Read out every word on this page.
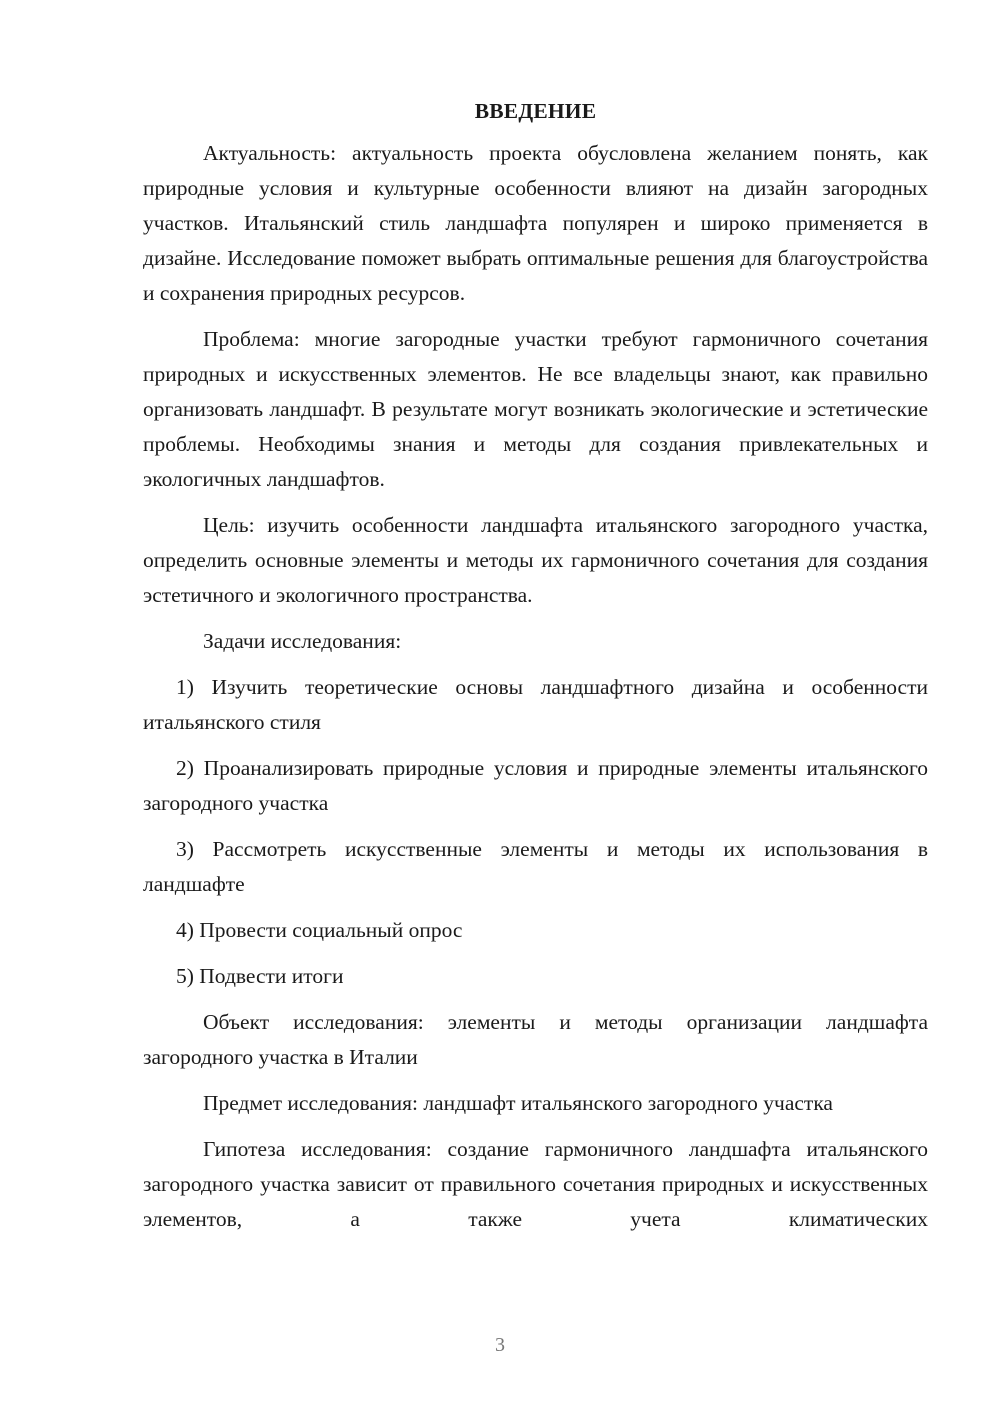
ВВЕДЕНИЕ

Актуальность: актуальность проекта обусловлена желанием понять, как природные условия и культурные особенности влияют на дизайн загородных участков. Итальянский стиль ландшафта популярен и широко применяется в дизайне. Исследование поможет выбрать оптимальные решения для благоустройства и сохранения природных ресурсов.

Проблема: многие загородные участки требуют гармоничного сочетания природных и искусственных элементов. Не все владельцы знают, как правильно организовать ландшафт. В результате могут возникать экологические и эстетические проблемы. Необходимы знания и методы для создания привлекательных и экологичных ландшафтов.

Цель: изучить особенности ландшафта итальянского загородного участка, определить основные элементы и методы их гармоничного сочетания для создания эстетичного и экологичного пространства.

Задачи исследования:

1) Изучить теоретические основы ландшафтного дизайна и особенности итальянского стиля

2) Проанализировать природные условия и природные элементы итальянского загородного участка

3) Рассмотреть искусственные элементы и методы их использования в ландшафте

4) Провести социальный опрос

5) Подвести итоги

Объект исследования: элементы и методы организации ландшафта загородного участка в Италии

Предмет исследования: ландшафт итальянского загородного участка

Гипотеза исследования: создание гармоничного ландшафта итальянского загородного участка зависит от правильного сочетания природных и искусственных элементов, а также учета климатических

3
